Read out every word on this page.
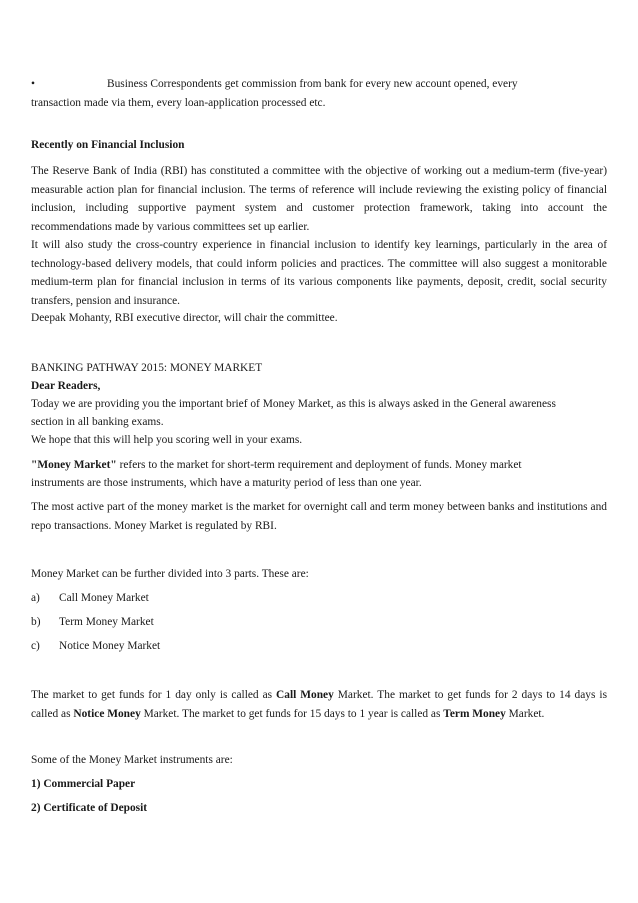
•	Business Correspondents get commission from bank for every new account opened, every
transaction made via them, every loan-application processed etc.
Recently on Financial Inclusion

The Reserve Bank of India (RBI) has constituted a committee with the objective of working out a medium-term (five-year) measurable action plan for financial inclusion. The terms of reference will include reviewing the existing policy of financial inclusion, including supportive payment system and customer protection framework, taking into account the recommendations made by various committees set up earlier.

It will also study the cross-country experience in financial inclusion to identify key learnings, particularly in the area of technology-based delivery models, that could inform policies and practices. The committee will also suggest a monitorable medium-term plan for financial inclusion in terms of its various components like payments, deposit, credit, social security transfers, pension and insurance.

Deepak Mohanty, RBI executive director, will chair the committee.
BANKING PATHWAY 2015: MONEY MARKET
Dear Readers,
Today we are providing you the important brief of Money Market, as this is always asked in the General awareness
section in all banking exams.
We hope that this will help you scoring well in your exams.
"Money Market" refers to the market for short-term requirement and deployment of funds. Money market
instruments are those instruments, which have a maturity period of less than one year.

The most active part of the money market is the market for overnight call and term money between banks and institutions and repo transactions. Money Market is regulated by RBI.

Money Market can be further divided into 3 parts. These are:
a) Call Money Market
b) Term Money Market
c) Notice Money Market

The market to get funds for 1 day only is called as Call Money Market. The market to get funds for 2 days to 14 days is called as Notice Money Market. The market to get funds for 15 days to 1 year is called as Term Money Market.

Some of the Money Market instruments are:
1) Commercial Paper
2) Certificate of Deposit
